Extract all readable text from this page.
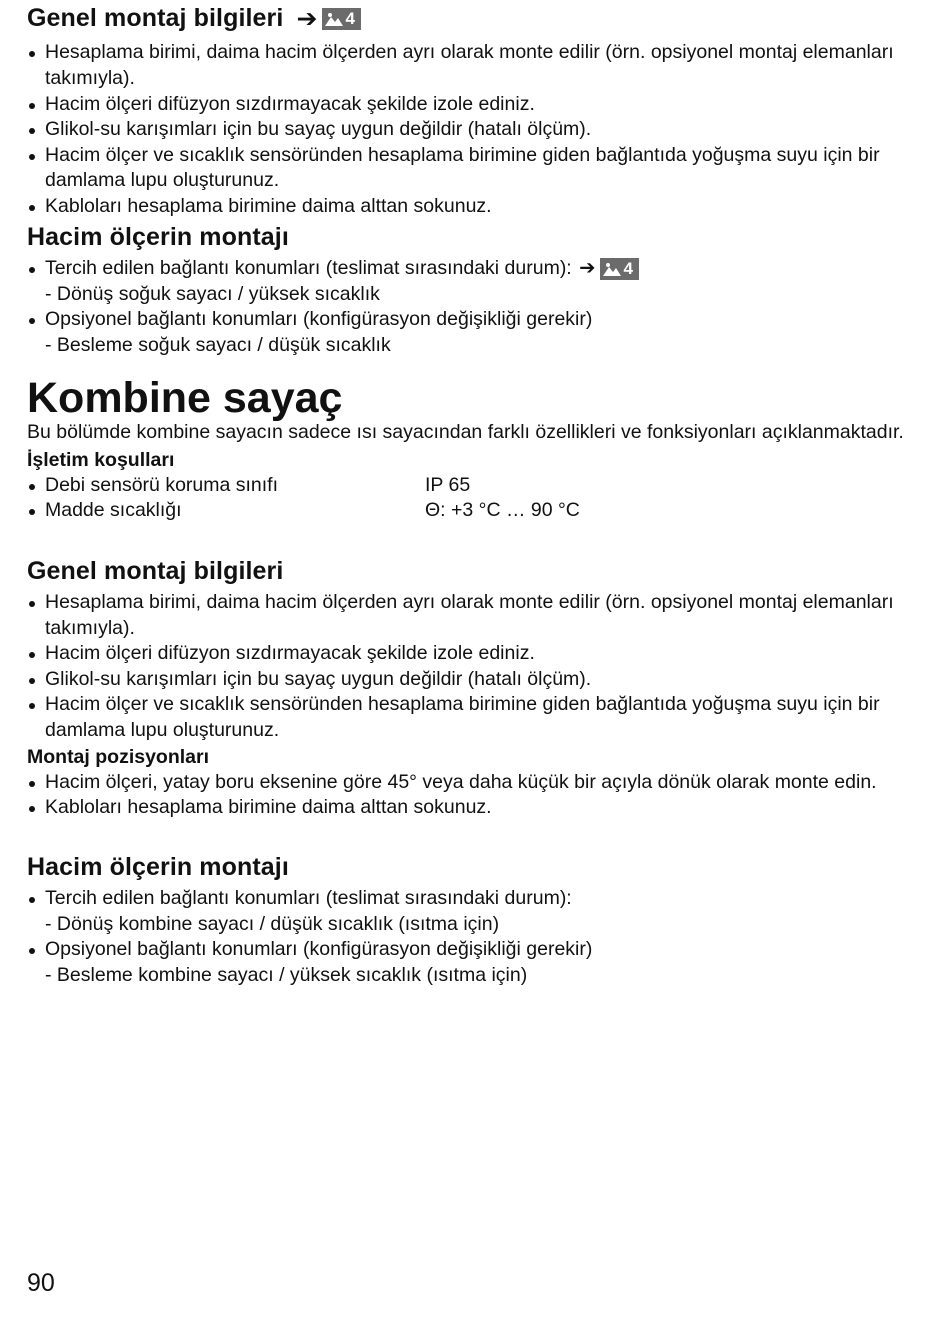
Genel montaj bilgileri ➔ 4
Hesaplama birimi, daima hacim ölçerden ayrı olarak monte edilir (örn. opsiyonel montaj elemanları takımıyla).
Hacim ölçeri difüzyon sızdırmayacak şekilde izole ediniz.
Glikol-su karışımları için bu sayaç uygun değildir (hatalı ölçüm).
Hacim ölçer ve sıcaklık sensöründen hesaplama birimine giden bağlantıda yoğuşma suyu için bir damlama lupu oluşturunuz.
Kabloları hesaplama birimine daima alttan sokunuz.
Hacim ölçerin montajı
Tercih edilen bağlantı konumları (teslimat sırasındaki durum): ➔ 4
- Dönüş soğuk sayacı / yüksek sıcaklık
Opsiyonel bağlantı konumları (konfigürasyon değişikliği gerekir)
- Besleme soğuk sayacı / düşük sıcaklık
Kombine sayaç

Bu bölümde kombine sayacın sadece ısı sayacından farklı özellikleri ve fonksiyonları açıklanmaktadır.

İşletim koşulları
Debi sensörü koruma sınıfı	IP 65
Madde sıcaklığı	Θ: +3 °C … 90 °C
Genel montaj bilgileri
Hesaplama birimi, daima hacim ölçerden ayrı olarak monte edilir (örn. opsiyonel montaj elemanları takımıyla).
Hacim ölçeri difüzyon sızdırmayacak şekilde izole ediniz.
Glikol-su karışımları için bu sayaç uygun değildir (hatalı ölçüm).
Hacim ölçer ve sıcaklık sensöründen hesaplama birimine giden bağlantıda yoğuşma suyu için bir damlama lupu oluşturunuz.
Montaj pozisyonları
Hacim ölçeri, yatay boru eksenine göre 45° veya daha küçük bir açıyla dönük olarak monte edin.
Kabloları hesaplama birimine daima alttan sokunuz.
Hacim ölçerin montajı
Tercih edilen bağlantı konumları (teslimat sırasındaki durum):
- Dönüş kombine sayacı / düşük sıcaklık (ısıtma için)
Opsiyonel bağlantı konumları (konfigürasyon değişikliği gerekir)
- Besleme kombine sayacı / yüksek sıcaklık (ısıtma için)
90
